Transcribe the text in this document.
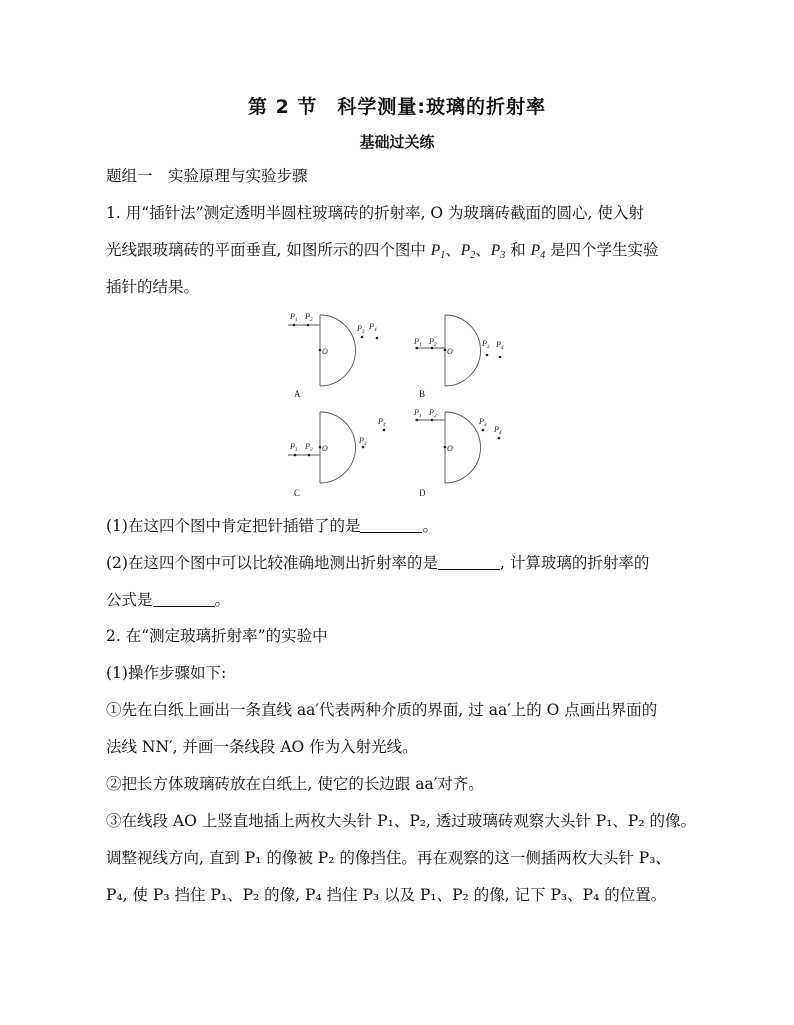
第 2 节　科学测量:玻璃的折射率
基础过关练
题组一　实验原理与实验步骤
1. 用“插针法”测定透明半圆柱玻璃砖的折射率, O 为玻璃砖截面的圆心, 使入射
光线跟玻璃砖的平面垂直, 如图所示的四个图中 $P_1$、$P_2$、$P_3$ 和 $P_4$ 是四个学生实验
插针的结果。
$P_1$ $P_2$
O
$P_3$
$P_4$
$P_1$ $P_2$
O
$P_3$ $P_4$
$P_1$ $P_2$ O
$P_3$
$P_4$
$P_1$ $P_2$
O
$P_3$ $P_4$
A	B
C	D
(1)在这四个图中肯定把针插错了的是	。
(2)在这四个图中可以比较准确地测出折射率的是	, 计算玻璃的折射率的
公式是	。
2. 在“测定玻璃折射率”的实验中
(1)操作步骤如下:
①先在白纸上画出一条直线 aa′代表两种介质的界面, 过 aa′上的 O 点画出界面的
法线 NN′, 并画一条线段 AO 作为入射光线。
②把长方体玻璃砖放在白纸上, 使它的长边跟 aa′对齐。
③在线段 AO 上竖直地插上两枚大头针 P₁、P₂, 透过玻璃砖观察大头针 P₁、P₂ 的像。
调整视线方向, 直到 P₁ 的像被 P₂ 的像挡住。再在观察的这一侧插两枚大头针 P₃、
P₄, 使 P₃ 挡住 P₁、P₂ 的像, P₄ 挡住 P₃ 以及 P₁、P₂ 的像, 记下 P₃、P₄ 的位置。
